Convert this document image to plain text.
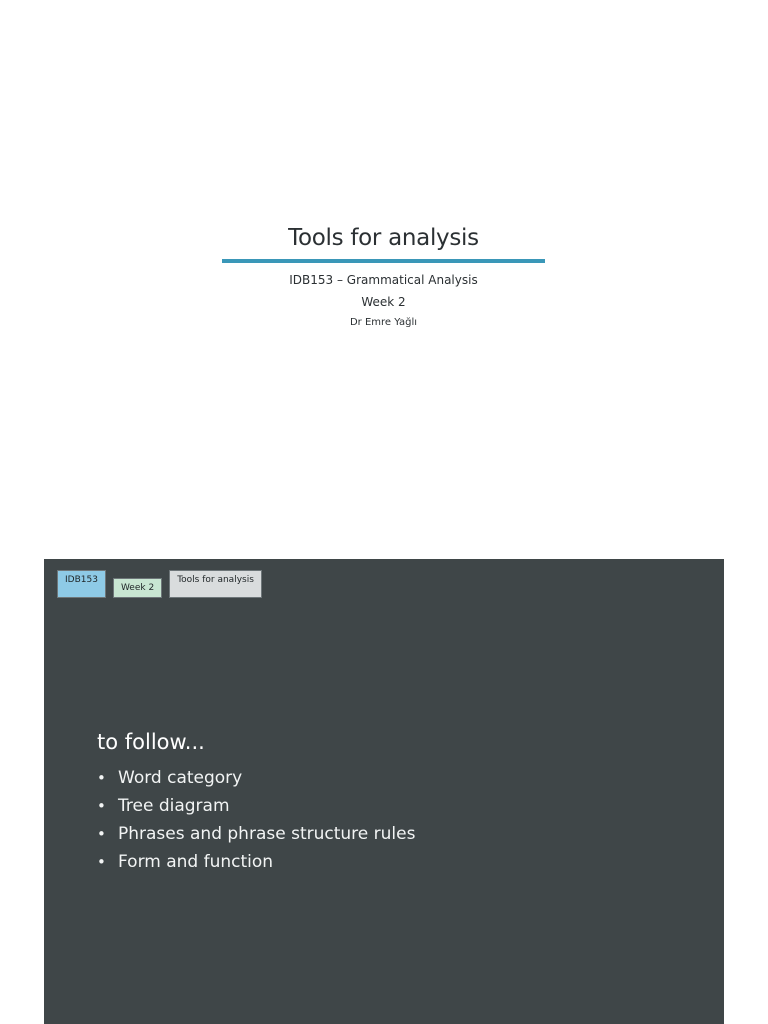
Tools for analysis
IDB153 – Grammatical Analysis
Week 2
Dr Emre Yağlı
IDB153
Week 2
Tools for analysis
to follow...
• Word category
• Tree diagram
• Phrases and phrase structure rules
• Form and function
